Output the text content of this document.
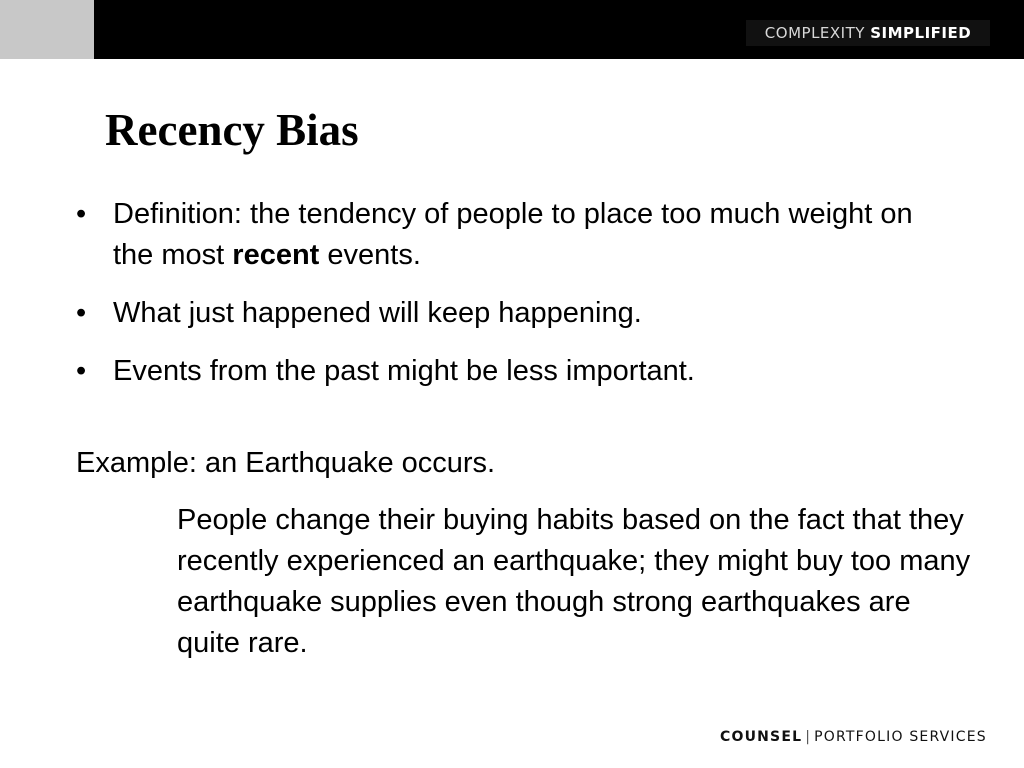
COMPLEXITY SIMPLIFIED
Recency Bias
• Definition: the tendency of people to place too much weight on the most recent events.
• What just happened will keep happening.
• Events from the past might be less important.

Example: an Earthquake occurs.

People change their buying habits based on the fact that they recently experienced an earthquake; they might buy too many earthquake supplies even though strong earthquakes are quite rare.

COUNSEL | PORTFOLIO SERVICES
